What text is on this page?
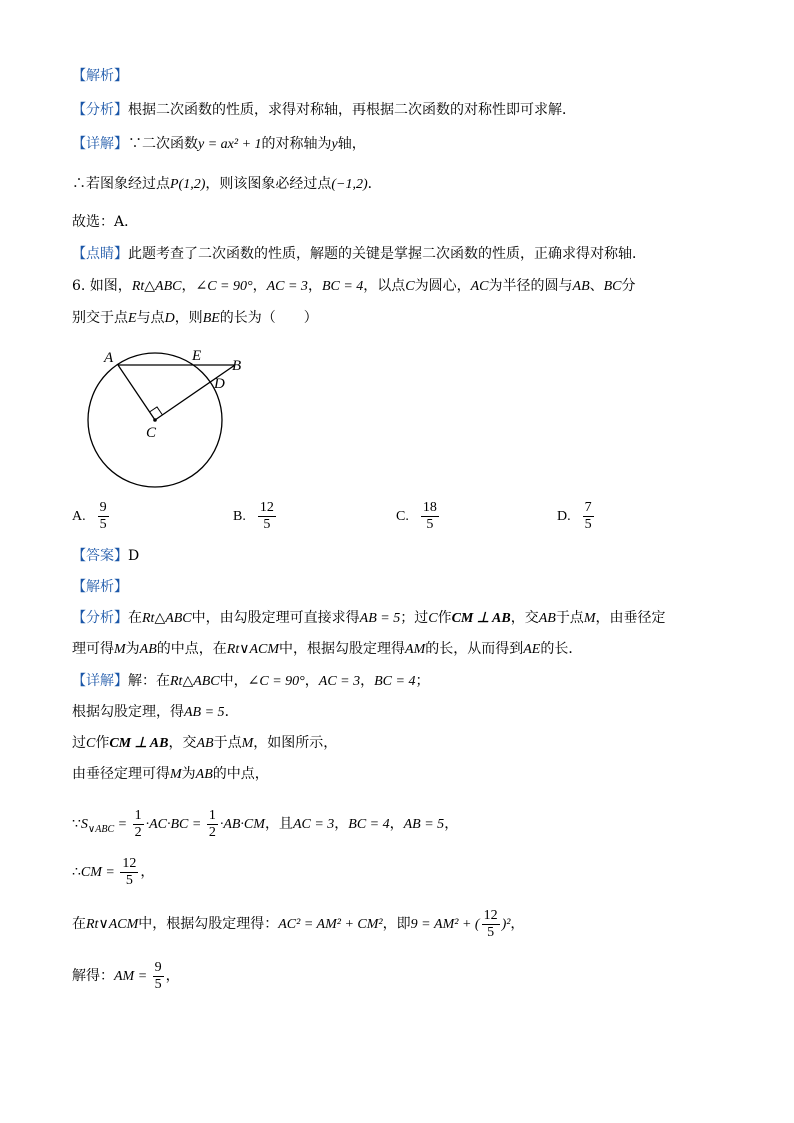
【解析】
【分析】根据二次函数的性质，求得对称轴，再根据二次函数的对称性即可求解．
【详解】∵二次函数y = ax² + 1的对称轴为y轴，
∴若图象经过点P(1,2)，则该图象必经过点(−1,2)．
故选：A．
【点睛】此题考查了二次函数的性质，解题的关键是掌握二次函数的性质，正确求得对称轴．
6. 如图，Rt△ABC，∠C = 90°，AC = 3，BC = 4，以点C为圆心，AC为半径的圆与AB、BC分
别交于点E与点D，则BE的长为（　　）
A	E
B
D
C
A. $\frac{9}{5}$	B. $\frac{12}{5}$	C. $\frac{18}{5}$	D. $\frac{7}{5}$
【答案】D
【解析】
【分析】在Rt△ABC中，由勾股定理可直接求得AB = 5；过C作CM ⊥ AB，交AB于点M，由垂径定
理可得M为AB的中点，在Rt∨ACM中，根据勾股定理得AM的长，从而得到AE的长．
【详解】解：在Rt△ABC中，∠C = 90°，AC = 3，BC = 4；
根据勾股定理，得AB = 5．
过C作CM ⊥ AB，交AB于点M，如图所示，
由垂径定理可得M为AB的中点，
$\because S_{\vee ABC} = \frac{1}{2} \cdot AC\cdot BC = \frac{1}{2} \cdot AB\cdot CM$，且AC = 3，BC = 4，AB = 5，
∴CM = $\frac{12}{5}$ ，
在Rt∨ACM中，根据勾股定理得：AC² = AM² + CM²，即9 = AM² + ( $\frac{12}{5} )^2$，
解得：AM = $\frac{9}{5}$ ，
